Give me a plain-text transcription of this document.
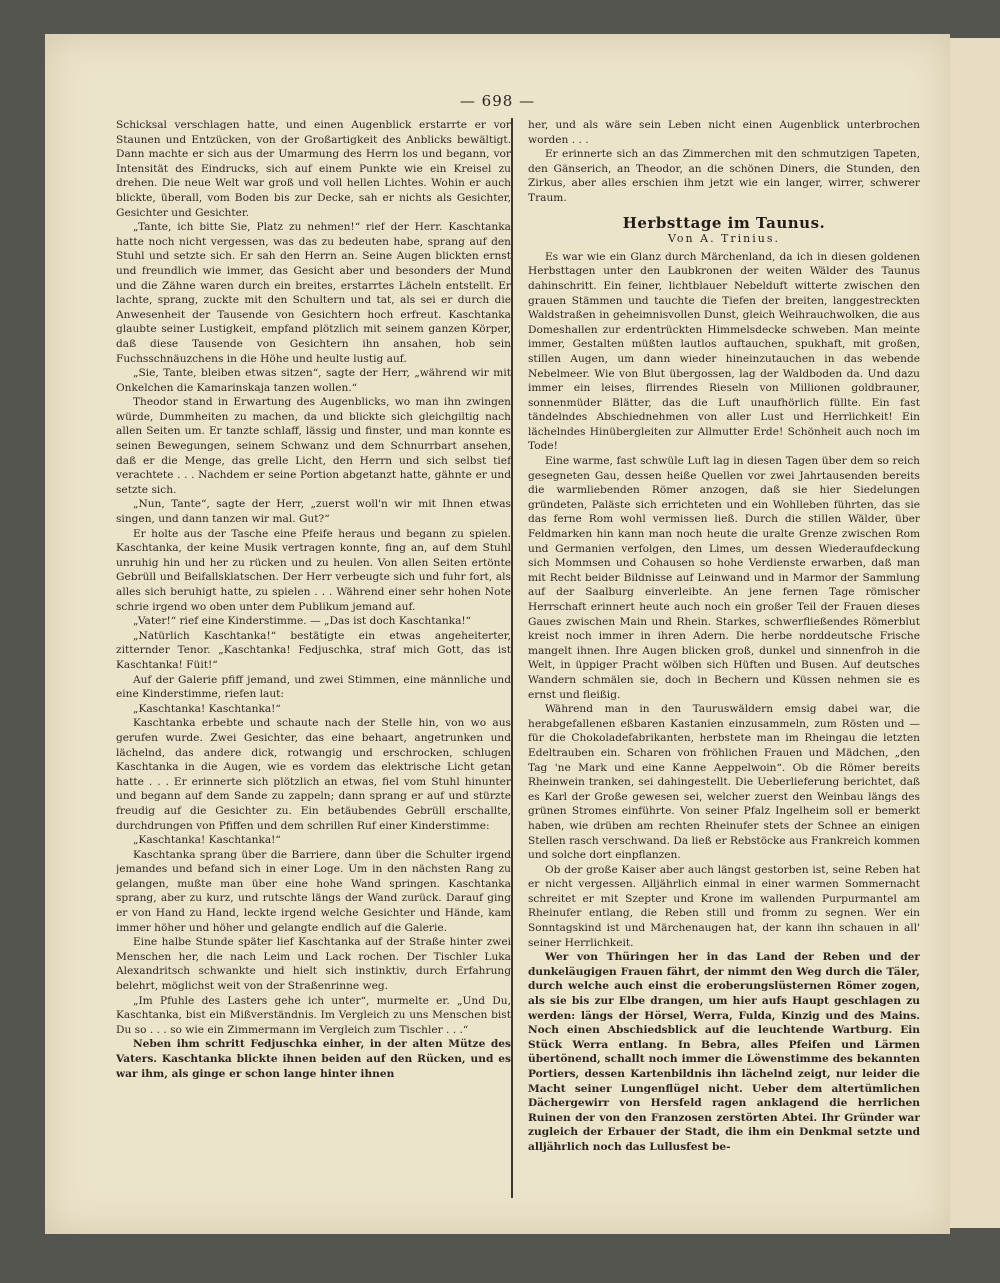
— 698 —

Schicksal verschlagen hatte, und einen Augenblick erstarrte er vor Staunen und Entzücken, von der Großartigkeit des Anblicks bewältigt. Dann machte er sich aus der Umarmung des Herrn los und begann, vor Intensität des Eindrucks, sich auf einem Punkte wie ein Kreisel zu drehen. Die neue Welt war groß und voll hellen Lichtes. Wohin er auch blickte, überall, vom Boden bis zur Decke, sah er nichts als Gesichter, Gesichter und Gesichter.

„Tante, ich bitte Sie, Platz zu nehmen!“ rief der Herr. Kaschtanka hatte noch nicht vergessen, was das zu bedeuten habe, sprang auf den Stuhl und setzte sich. Er sah den Herrn an. Seine Augen blickten ernst und freundlich wie immer, das Gesicht aber und besonders der Mund und die Zähne waren durch ein breites, erstarrtes Lächeln entstellt. Er lachte, sprang, zuckte mit den Schultern und tat, als sei er durch die Anwesenheit der Tausende von Gesichtern hoch erfreut. Kaschtanka glaubte seiner Lustigkeit, empfand plötzlich mit seinem ganzen Körper, daß diese Tausende von Gesichtern ihn ansahen, hob sein Fuchsschnäuzchens in die Höhe und heulte lustig auf.

„Sie, Tante, bleiben etwas sitzen“, sagte der Herr, „während wir mit Onkelchen die Kamarinskaja tanzen wollen.“

Theodor stand in Erwartung des Augenblicks, wo man ihn zwingen würde, Dummheiten zu machen, da und blickte sich gleichgiltig nach allen Seiten um. Er tanzte schlaff, lässig und finster, und man konnte es seinen Bewegungen, seinem Schwanz und dem Schnurrbart ansehen, daß er die Menge, das grelle Licht, den Herrn und sich selbst tief verachtete . . . Nachdem er seine Portion abgetanzt hatte, gähnte er und setzte sich.

„Nun, Tante“, sagte der Herr, „zuerst woll'n wir mit Ihnen etwas singen, und dann tanzen wir mal. Gut?“

Er holte aus der Tasche eine Pfeife heraus und begann zu spielen. Kaschtanka, der keine Musik vertragen konnte, fing an, auf dem Stuhl unruhig hin und her zu rücken und zu heulen. Von allen Seiten ertönte Gebrüll und Beifallsklatschen. Der Herr verbeugte sich und fuhr fort, als alles sich beruhigt hatte, zu spielen . . . Während einer sehr hohen Note schrie irgend wo oben unter dem Publikum jemand auf.

„Vater!“ rief eine Kinderstimme. — „Das ist doch Kaschtanka!“

„Natürlich Kaschtanka!“ bestätigte ein etwas angeheiterter, zitternder Tenor. „Kaschtanka! Fedjuschka, straf mich Gott, das ist Kaschtanka! Füit!“

Auf der Galerie pfiff jemand, und zwei Stimmen, eine männliche und eine Kinderstimme, riefen laut:

„Kaschtanka! Kaschtanka!“

Kaschtanka erbebte und schaute nach der Stelle hin, von wo aus gerufen wurde. Zwei Gesichter, das eine behaart, angetrunken und lächelnd, das andere dick, rotwangig und erschrocken, schlugen Kaschtanka in die Augen, wie es vordem das elektrische Licht getan hatte . . . Er erinnerte sich plötzlich an etwas, fiel vom Stuhl hinunter und begann auf dem Sande zu zappeln; dann sprang er auf und stürzte freudig auf die Gesichter zu. Ein betäubendes Gebrüll erschallte, durchdrungen von Pfiffen und dem schrillen Ruf einer Kinderstimme:

„Kaschtanka! Kaschtanka!“

Kaschtanka sprang über die Barriere, dann über die Schulter irgend jemandes und befand sich in einer Loge. Um in den nächsten Rang zu gelangen, mußte man über eine hohe Wand springen. Kaschtanka sprang, aber zu kurz, und rutschte längs der Wand zurück. Darauf ging er von Hand zu Hand, leckte irgend welche Gesichter und Hände, kam immer höher und höher und gelangte endlich auf die Galerie.

Eine halbe Stunde später lief Kaschtanka auf der Straße hinter zwei Menschen her, die nach Leim und Lack rochen. Der Tischler Luka Alexandritsch schwankte und hielt sich instinktiv, durch Erfahrung belehrt, möglichst weit von der Straßenrinne weg.

„Im Pfuhle des Lasters gehe ich unter“, murmelte er. „Und Du, Kaschtanka, bist ein Mißverständnis. Im Vergleich zu uns Menschen bist Du so . . . so wie ein Zimmermann im Vergleich zum Tischler . . .“

Neben ihm schritt Fedjuschka einher, in der alten Mütze des Vaters. Kaschtanka blickte ihnen beiden auf den Rücken, und es war ihm, als ginge er schon lange hinter ihnen

her, und als wäre sein Leben nicht einen Augenblick unterbrochen worden . . .

Er erinnerte sich an das Zimmerchen mit den schmutzigen Tapeten, den Gänserich, an Theodor, an die schönen Diners, die Stunden, den Zirkus, aber alles erschien ihm jetzt wie ein langer, wirrer, schwerer Traum.

Herbsttage im Taunus.
Von A. Trinius.

Es war wie ein Glanz durch Märchenland, da ich in diesen goldenen Herbsttagen unter den Laubkronen der weiten Wälder des Taunus dahinschritt. Ein feiner, lichtblauer Nebelduft witterte zwischen den grauen Stämmen und tauchte die Tiefen der breiten, langgestreckten Waldstraßen in geheimnisvollen Dunst, gleich Weihrauchwolken, die aus Domeshallen zur erdentrückten Himmelsdecke schweben. Man meinte immer, Gestalten müßten lautlos auftauchen, spukhaft, mit großen, stillen Augen, um dann wieder hineinzutauchen in das webende Nebelmeer. Wie von Blut übergossen, lag der Waldboden da. Und dazu immer ein leises, flirrendes Rieseln von Millionen goldbrauner, sonnenmüder Blätter, das die Luft unaufhörlich füllte. Ein fast tändelndes Abschiednehmen von aller Lust und Herrlichkeit! Ein lächelndes Hinübergleiten zur Allmutter Erde! Schönheit auch noch im Tode!

Eine warme, fast schwüle Luft lag in diesen Tagen über dem so reich gesegneten Gau, dessen heiße Quellen vor zwei Jahrtausenden bereits die warmliebenden Römer anzogen, daß sie hier Siedelungen gründeten, Paläste sich errichteten und ein Wohlleben führten, das sie das ferne Rom wohl vermissen ließ. Durch die stillen Wälder, über Feldmarken hin kann man noch heute die uralte Grenze zwischen Rom und Germanien verfolgen, den Limes, um dessen Wiederaufdeckung sich Mommsen und Cohausen so hohe Verdienste erwarben, daß man mit Recht beider Bildnisse auf Leinwand und in Marmor der Sammlung auf der Saalburg einverleibte. An jene fernen Tage römischer Herrschaft erinnert heute auch noch ein großer Teil der Frauen dieses Gaues zwischen Main und Rhein. Starkes, schwerfließendes Römerblut kreist noch immer in ihren Adern. Die herbe norddeutsche Frische mangelt ihnen. Ihre Augen blicken groß, dunkel und sinnenfroh in die Welt, in üppiger Pracht wölben sich Hüften und Busen. Auf deutsches Wandern schmälen sie, doch in Bechern und Küssen nehmen sie es ernst und fleißig.

Während man in den Tauruswäldern emsig dabei war, die herabgefallenen eßbaren Kastanien einzusammeln, zum Rösten und — für die Chokoladefabrikanten, herbstete man im Rheingau die letzten Edeltrauben ein. Scharen von fröhlichen Frauen und Mädchen, „den Tag 'ne Mark und eine Kanne Aeppelwoin“. Ob die Römer bereits Rheinwein tranken, sei dahingestellt. Die Ueberlieferung berichtet, daß es Karl der Große gewesen sei, welcher zuerst den Weinbau längs des grünen Stromes einführte. Von seiner Pfalz Ingelheim soll er bemerkt haben, wie drüben am rechten Rheinufer stets der Schnee an einigen Stellen rasch verschwand. Da ließ er Rebstöcke aus Frankreich kommen und solche dort einpflanzen.

Ob der große Kaiser aber auch längst gestorben ist, seine Reben hat er nicht vergessen. Alljährlich einmal in einer warmen Sommernacht schreitet er mit Szepter und Krone im wallenden Purpurmantel am Rheinufer entlang, die Reben still und fromm zu segnen. Wer ein Sonntagskind ist und Märchenaugen hat, der kann ihn schauen in all' seiner Herrlichkeit.

Wer von Thüringen her in das Land der Reben und der dunkeläugigen Frauen fährt, der nimmt den Weg durch die Täler, durch welche auch einst die eroberungslüsternen Römer zogen, als sie bis zur Elbe drangen, um hier aufs Haupt geschlagen zu werden: längs der Hörsel, Werra, Fulda, Kinzig und des Mains. Noch einen Abschiedsblick auf die leuchtende Wartburg. Ein Stück Werra entlang. In Bebra, alles Pfeifen und Lärmen übertönend, schallt noch immer die Löwenstimme des bekannten Portiers, dessen Kartenbildnis ihn lächelnd zeigt, nur leider die Macht seiner Lungenflügel nicht. Ueber dem altertümlichen Dächergewirr von Hersfeld ragen anklagend die herrlichen Ruinen der von den Franzosen zerstörten Abtei. Ihr Gründer war zugleich der Erbauer der Stadt, die ihm ein Denkmal setzte und alljährlich noch das Lullusfest be-
